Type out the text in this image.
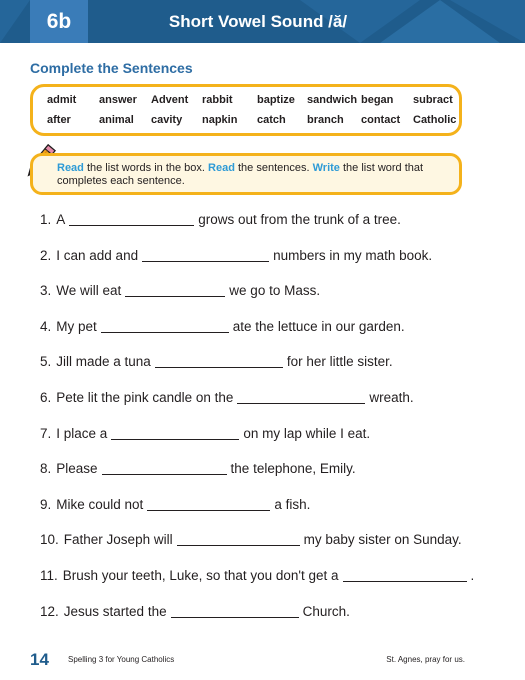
6b	Short Vowel Sound /ă/
Complete the Sentences
admit	answer	Advent	rabbit	baptize	sandwich began	subract
after	animal	cavity	napkin	catch	branch	contact	Catholic
Read the list words in the box. Read the sentences. Write the list word that completes each sentence.
1. A	grows out from the trunk of a tree.
2. I can add and	numbers in my math book.
3. We will eat	we go to Mass.
4. My pet	ate the lettuce in our garden.
5. Jill made a tuna	for her little sister.
6. Pete lit the pink candle on the	wreath.
7. I place a	on my lap while I eat.
8. Please	the telephone, Emily.
9. Mike could not	a fish.
10. Father Joseph will	my baby sister on Sunday.
11. Brush your teeth, Luke, so that you don't get a	.
12. Jesus started the	Church.
14 Spelling 3 for Young Catholics	St. Agnes, pray for us.
